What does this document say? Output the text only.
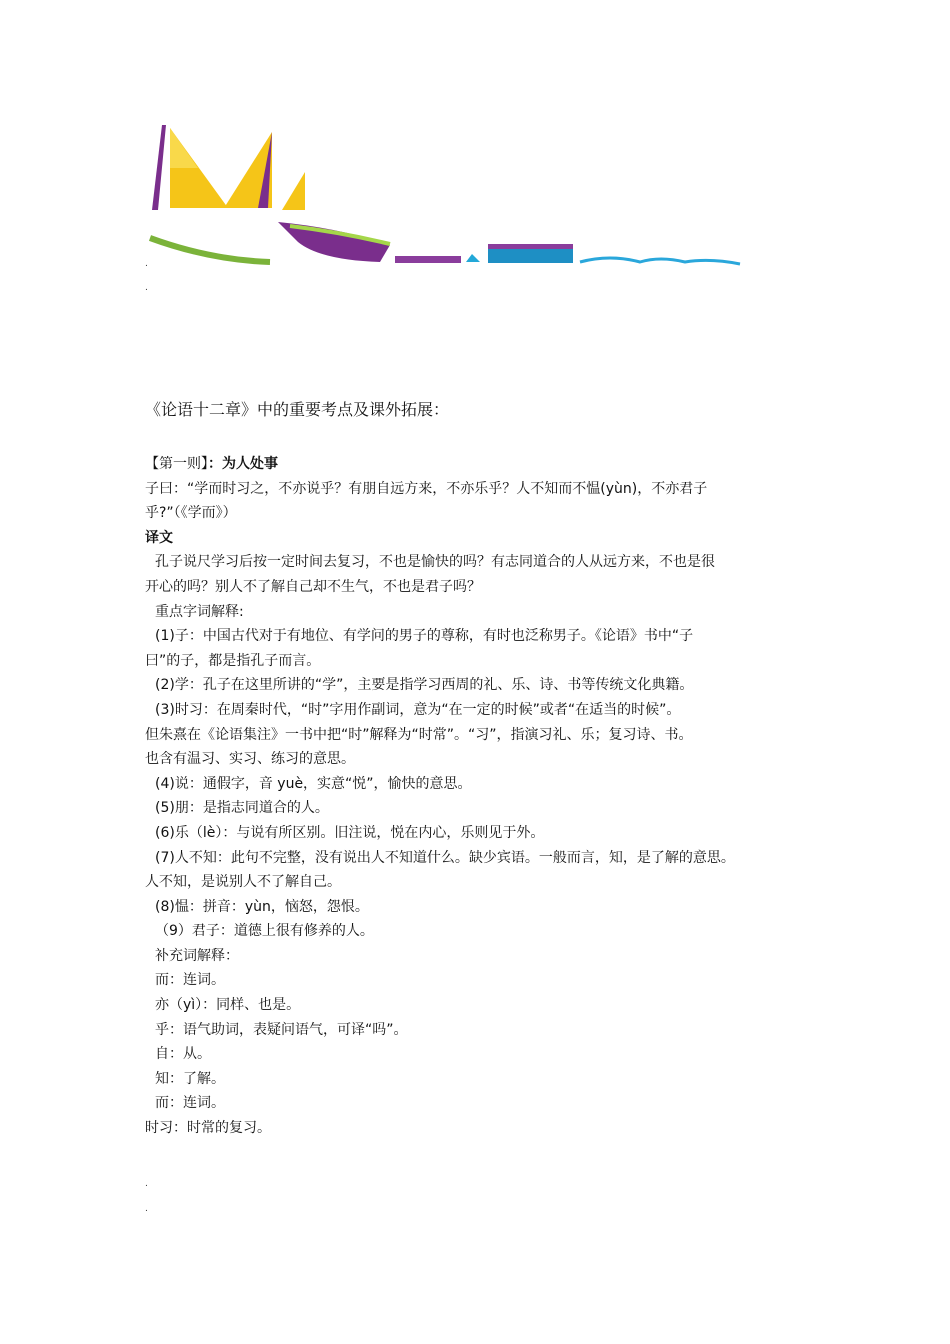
.
.

《论语十二章》中的重要考点及课外拓展：

【第一则】：为人处事

子曰：“学而时习之，不亦说乎？有朋自远方来，不亦乐乎？人不知而不愠(yùn)，不亦君子

乎?”（《学而》）

译文

孔子说尺学习后按一定时间去复习，不也是愉快的吗？有志同道合的人从远方来，不也是很

开心的吗？别人不了解自己却不生气，不也是君子吗？

重点字词解释:

(1)子：中国古代对于有地位、有学问的男子的尊称，有时也泛称男子。《论语》书中“子

曰”的子，都是指孔子而言。

(2)学：孔子在这里所讲的“学”，主要是指学习西周的礼、乐、诗、书等传统文化典籍。

(3)时习：在周秦时代，“时”字用作副词，意为“在一定的时候”或者“在适当的时候”。

但朱熹在《论语集注》一书中把“时”解释为“时常”。“习”，指演习礼、乐；复习诗、书。

也含有温习、实习、练习的意思。

(4)说：通假字，音 yuè，实意“悦”，愉快的意思。

(5)朋：是指志同道合的人。

(6)乐（lè）：与说有所区别。旧注说，悦在内心，乐则见于外。

(7)人不知：此句不完整，没有说出人不知道什么。缺少宾语。一般而言，知，是了解的意思。

人不知，是说别人不了解自己。

(8)愠：拼音：yùn，恼怒，怨恨。

（9）君子：道德上很有修养的人。

补充词解释：

而：连词。

亦（yì）：同样、也是。

乎：语气助词，表疑问语气，可译“吗”。

自：从。

知：了解。

而：连词。

时习：时常的复习。

.
.
